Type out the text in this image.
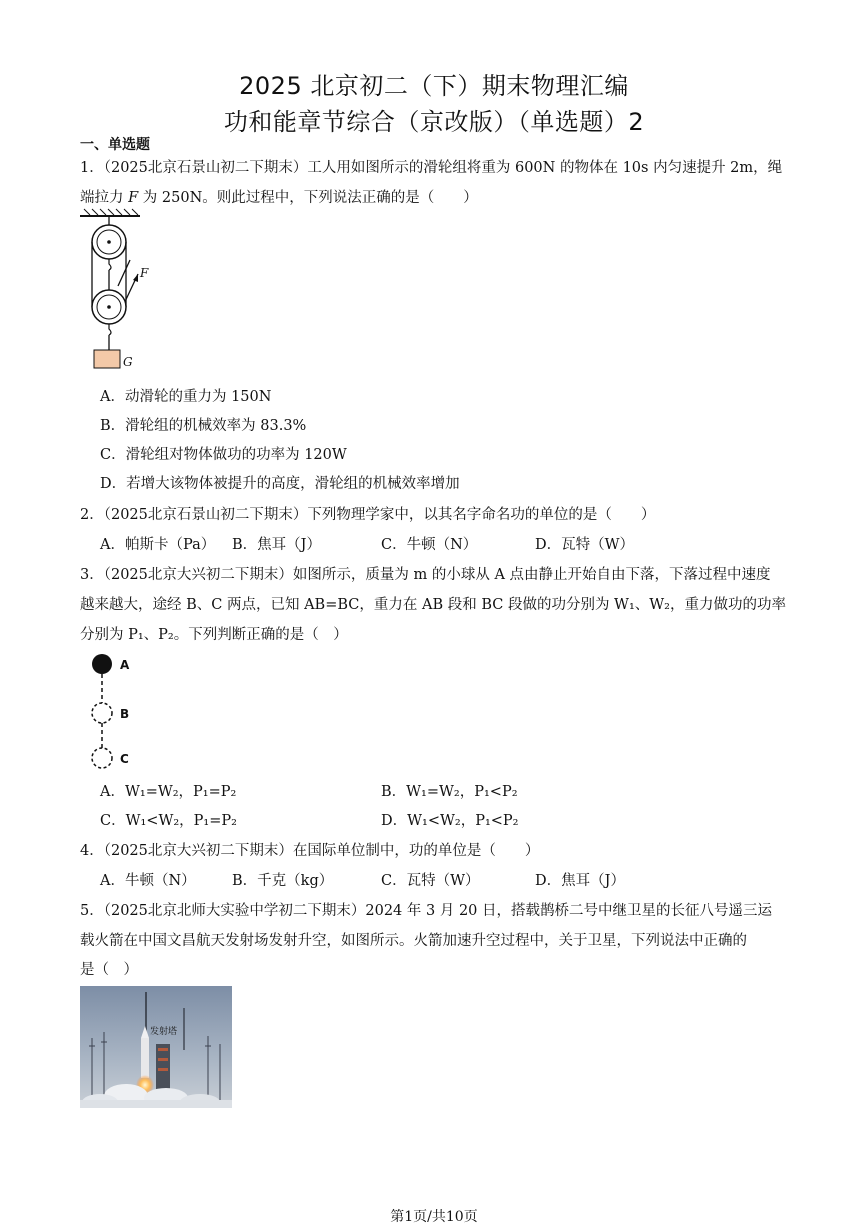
2025 北京初二（下）期末物理汇编
功和能章节综合（京改版）（单选题）2
一、单选题
1．（2025北京石景山初二下期末）工人用如图所示的滑轮组将重为 600N 的物体在 10s 内匀速提升 2m，绳
端拉力 F 为 250N。则此过程中，下列说法正确的是（　　）
F
G
A．动滑轮的重力为 150N
B．滑轮组的机械效率为 83.3%
C．滑轮组对物体做功的功率为 120W
D．若增大该物体被提升的高度，滑轮组的机械效率增加
2．（2025北京石景山初二下期末）下列物理学家中，以其名字命名功的单位的是（　　）
A．帕斯卡（Pa） B．焦耳（J）	C．牛顿（N）	D．瓦特（W）
3．（2025北京大兴初二下期末）如图所示，质量为 m 的小球从 A 点由静止开始自由下落，下落过程中速度
越来越大，途经 B、C 两点，已知 AB=BC，重力在 AB 段和 BC 段做的功分别为 W₁、W₂，重力做功的功率
分别为 P₁、P₂。下列判断正确的是（　）
A
B
C
A．W₁=W₂，P₁=P₂	B．W₁=W₂，P₁<P₂
C．W₁<W₂，P₁=P₂	D．W₁<W₂，P₁<P₂
4．（2025北京大兴初二下期末）在国际单位制中，功的单位是（　　）
A．牛顿（N）	B．千克（kg）	C．瓦特（W）	D．焦耳（J）
5．（2025北京北师大实验中学初二下期末）2024 年 3 月 20 日，搭载鹊桥二号中继卫星的长征八号遥三运
载火箭在中国文昌航天发射场发射升空，如图所示。火箭加速升空过程中，关于卫星，下列说法中正确的
是（　）
发射塔
第1页/共10页
